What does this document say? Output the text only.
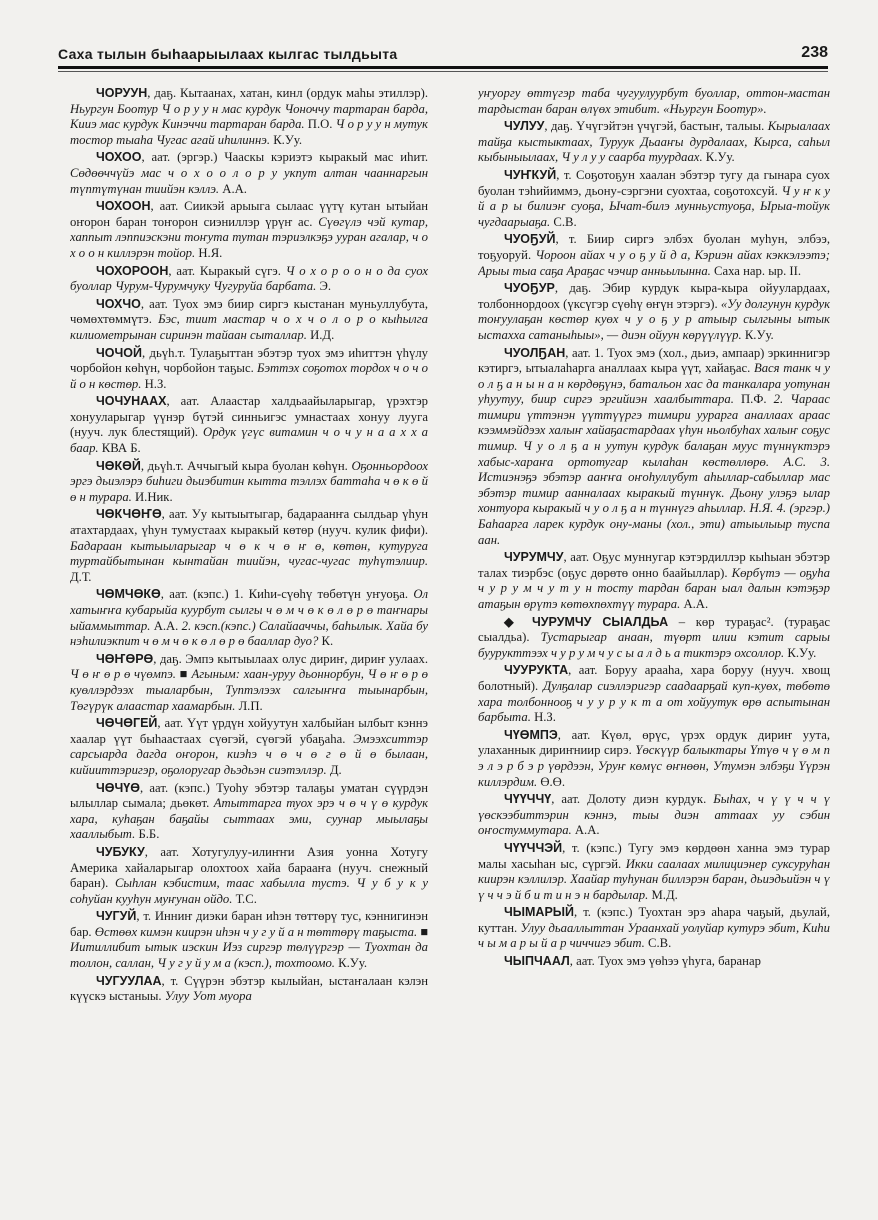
Саха тылын быһаарыылаах кылгас тылдьыта	238

ЧОРУУН, даҕ. Кытаанах, хатан, кинл (ордук маһы этиллэр). Ньургун Боотур Ч о р у у н мас курдук Чоноччу тартаран барда, Кииэ мас курдук Кинэччи тартаран барда. П.О. Ч о р у у н мутук тостор тыаһа Чугас агай иһилиннэ. К.Уу.

ЧОХОО, аат. (эргэр.) Чааскы кэриэтэ кыракый мас иһит. Сөдөөччүйэ мас ч о х о о л о р у укпут алтан чааннаргын түптүтүнан тиийэн кэллэ. А.А.

ЧОХООН, аат. Сиикэй арыыга сылаас үүтү кутан ытыйан оҥорон баран тоҥорон сиэниллэр үрүҥ ас. Сүөгүлэ чэй кутар, хаппыт лэппиэскэни тоҥута тутан тэриэлкэҕэ ууран агалар, ч о х о о н киллэрэн тойор. Н.Я.

ЧОХОРООН, аат. Кыракый сүгэ. Ч о х о р о о н о да суох буоллар Чурум-Чурумчуку Чугуруйа барбата. Э.

ЧОХЧО, аат. Туох эмэ биир сиргэ кыстанан муньуллубута, чөмөхтөммүтэ. Бэс, тиит мастар ч о х ч о л о р о кыһылга килиометрынан сиринэн тайаан сыталлар. И.Д.

ЧОЧОЙ, дьүһ.т. Тулаҕыттан эбэтэр туох эмэ иһиттэн үһүлу чорбойон көһүн, чорбойон таҕыс. Бэттэх соҕотох тордох ч о ч о й о н көстөр. Н.З.

ЧОЧУНААХ, аат. Алаастар халдьаайыларыгар, үрэхтэр хонууларыгар үүнэр бүтэй синньигэс умнастаах хонуу лууга (нууч. лук блестящий). Ордук үгүс витамин ч о ч у н а а х х а баар. КВА Б.

ЧӨКӨЙ, дьүһ.т. Аччыгый кыра буолан көһүн. Оҕонньордоох эргэ дьиэлэрэ биһиги дьиэбитин кытта тэллэх баттаһа ч ө к ө й ө н турара. И.Ник.

ЧӨКЧӨҤӨ, аат. Уу кытыытыгар, бадараанҥа сылдьар үһун атахтардаах, үһун тумустаах кыракый көтөр (нууч. кулик фифи). Бадараан кытыыларыгар ч ө к ч ө ҥ ө, көтөн, кутуруга туртайбытынан кынтайан тиийэн, чугас-чугас туһүтэлиир. Д.Т.

ЧӨМЧӨКӨ, аат. (кэпс.) 1. Киһи-сүөһү төбөтүн уҥуоҕа. Ол хатыҥҥа кубарыйа куурбут сылгы ч ө м ч ө к ө л ө р ө таҥнары ыйаммыттар. А.А. 2. кэсп.(кэпс.) Салайааччы, баһылык. Хайа бу нэһилиэкпит ч ө м ч ө к ө л ө р ө бааллар дуо? К.

ЧӨҤӨРӨ, даҕ. Эмпэ кытыылаах олус дириҥ, дириҥ уулаах. Ч ө ҥ ө р ө чүөмпэ. ■ Агыным: хаан-уруу дьоннорбун, Ч ө ҥ ө р ө куөллэрдээх тыаларбын, Туптэлээх салгыҥҥа тыынарбын, Төгүрүк алаастар хаамарбын. Л.П.

ЧӨЧӨГЕЙ, аат. Үүт үрдүн хойуутун халбыйан ылбыт кэннэ хаалар үүт быһаастаах сүөгэй, сүөгэй убаҕаһа. Эмээхситтэр сарсыарда дагда оҥорон, киэһэ ч ө ч ө г ө й ө былаан, кийииттэригэр, оҕолоругар дьэдьэн сиэтэллэр. Д.

ЧӨЧҮӨ, аат. (кэпс.) Туоһу эбэтэр талаҕы уматан сүүрдэн ылыллар сымала; дьөкөт. Атыттарга туох эрэ ч ө ч ү ө курдук хара, куһаҕан баҕайы сыттаах эми, суунар мыылаҕы хааллыбыт. Б.Б.

ЧУБУКУ, аат. Хотугулуу-илиҥҥи Азия уонна Хотугу Америка хайаларыгар олохтоох хайа барааҥа (нууч. снежный баран). Сыһлан кэбистим, таас хабылла тустэ. Ч у б у к у соһуйан кууһун муҥунан ойдо. Т.С.

ЧУГУЙ, т. Инниҥ диэки баран иһэн төттөрү тус, кэннигинэн бар. Өстөөх кимэн киирэн иһэн ч у г у й а н төттөрү таҕыста. ■ Иитиллибит ытык иэскин Иэз сиргэр төлүүргэр — Туохтан да толлон, саллан, Ч у г у й у м а (кэсп.), тохтоомо. К.Уу.

ЧУГУУЛАА, т. Сүүрэн эбэтэр кылыйан, ыстаҥалаан кэлэн күүскэ ыстаныы. Улуу Уот муора

уҥуоргу өттүгэр таба чугуулуурбут буоллар, оттон-мастан тардыстан баран өлүөх этибит. «Ньургун Боотур».

ЧУЛУУ, даҕ. Үчүгэйтэн үчүгэй, бастыҥ, талыы. Кырыалаах тайҕа кыстыктаах, Туруук Дьааҥы дурдалаах, Кырса, саһыл кыбыныылаах, Ч у л у у саарба туурдаах. К.Уу.

ЧУҤКУЙ, т. Соҕотоҕун хаалан эбэтэр тугу да гынара суох буолан тэһийиммэ, дьону-сэргэни суохтаа, соҕотохсуй. Ч у ҥ к у й а р ы билиэҥ суоҕа, Ычат-билэ мунньустуоҕа, Ырыа-тойук чугдаарыаҕа. С.В.

ЧУОҔУЙ, т. Биир сиргэ элбэх буолан муһун, элбээ, тоҕуоруй. Чороон айах ч у о ҕ у й д а, Кэриэн айах кэккэлээтэ; Арыы тыа саҕа Араҕас чэчир анньылынна. Саха нар. ыр. II.

ЧУОҔУР, даҕ. Эбир курдук кыра-кыра ойуулардаах, толбоннордоох (үксүгэр сүөһү өҥүн этэргэ). «Уу долгунун курдук тоҥуулаҕан көстөр куөх ч у о ҕ у р атыыр сылгыны ытык ыстахха сатаныһыы», — диэн ойуун көрүүлүүр. К.Уу.

ЧУОЛҔАН, аат. 1. Туох эмэ (хол., дьиэ, ампаар) эркиннигэр кэтиргэ, ытыалаһарга аналлаах кыра үүт, хайаҕас. Вася танк ч у о л ҕ а н ы н а н көрдөҕүнэ, батальон хас да танкалара уотунан уһуутуу, биир сиргэ эргийиэн хаалбыттара. П.Ф. 2. Чараас тимири үттэнэн үүттүүргэ тимири уурарга аналлаах араас кээммэйдээх халыҥ хайаҕастардаах үһун ньолбуһах халыҥ соҕус тимир. Ч у о л ҕ а н уутун курдук балаҕан муус түннүктэрэ хабыс-хараҥа ортотугар кылаһан көстөллөрө. А.С. 3. Истиэнэҕэ эбэтэр ааҥҥа оҥоһуллубут аһыллар-сабыллар мас эбэтэр тимир аанналаах кыракый түннүк. Дьону улэҕэ ылар хонтуора кыракый ч у о л ҕ а н түннүгэ аһыллар. Н.Я. 4. (эргэр.) Баһаарга ларек курдук ону-маны (хол., эти) атыылыыр туспа аан.

ЧУРУМЧУ, аат. Оҕус муннугар кэтэрдиллэр кыһыан эбэтэр талах тиэрбэс (оҕус дөрөтө онно баайыллар). Көрбүтэ — оҕуһа ч у р у м ч у т у н тосту тардан баран ыал далын кэтэҕэр атаҕын өрүтэ көтөхпөхтүү турара. А.А.

◆ ЧУРУМЧУ СЫАЛДЬА – көр тураҕас². (тураҕас сыалдьа). Тустарыгар анаан, түөрт илии кэтит сарыы буурукттээх ч у р у м ч у с ы а л д ь а тиктэрэ охсоллор. К.Уу.

ЧУУРУКТА, аат. Боруу арааһа, хара боруу (нууч. хвощ болотный). Дулҕалар сиэллэригэр саадаарҕай куп-куөх, төбөтө хара толбоннооҕ ч у у р у к т а от хойуутук өрө аспытынан барбыта. Н.З.

ЧҮӨМПЭ, аат. Күөл, өрүс, үрэх ордук дириҥ уута, улаханнык дириҥниир сирэ. Үөскүүр балыктары Үтүө ч ү ө м п э л э р б э р үөрдээн, Уруҥ көмүс өҥнөөн, Утумэн элбэҕи Үүрэн киллэрдим. Ө.Ө.

ЧҮҮЧЧҮ, аат. Долоту диэн курдук. Быһах, ч ү ү ч ч ү үөскээбиттэрин кэннэ, тыы диэн аттаах уу сэбин оҥостуммутара. А.А.

ЧҮҮЧЧЭЙ, т. (кэпс.) Тугу эмэ көрдөөн ханна эмэ турар малы хасыһан ыс, сүргэй. Икки саалаах милициэнер суксуруһан киирэн кэллилэр. Хаайар туһунан биллэрэн баран, дьиэдьийэн ч ү ү ч ч э й б и т и н э н бардылар. М.Д.

ЧЫМАРЫЙ, т. (кэпс.) Туохтан эрэ аһара чаҕый, дьулай, куттан. Улуу дьааллыттан Ураанхай уолуйар кутурэ эбит, Киһи ч ы м а р ы й а р чиччигэ эбит. С.В.

ЧЫПЧААЛ, аат. Туох эмэ үөһээ үһуга, баранар
